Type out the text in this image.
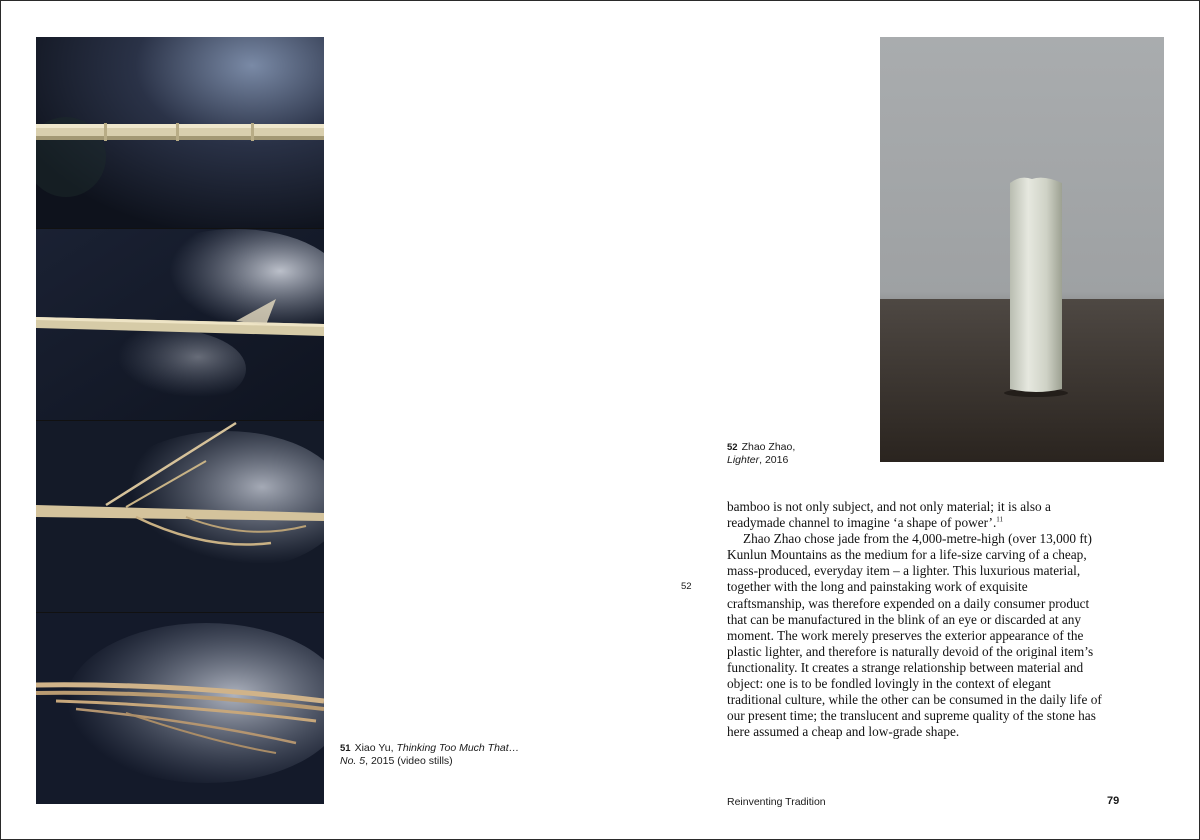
51 Xiao Yu, Thinking Too Much That… No. 5, 2015 (video stills)
52 Zhao Zhao,
Lighter, 2016
52

bamboo is not only subject, and not only material; it is also a readymade channel to imagine ‘a shape of power’.$^{11}$

Zhao Zhao chose jade from the 4,000-metre-high (over 13,000 ft) Kunlun Mountains as the medium for a life-size carving of a cheap, mass-produced, everyday item – a lighter. This luxurious material, together with the long and painstaking work of exquisite craftsmanship, was therefore expended on a daily consumer product that can be manufactured in the blink of an eye or discarded at any moment. The work merely preserves the exterior appearance of the plastic lighter, and therefore is naturally devoid of the original item’s functionality. It creates a strange relationship between material and object: one is to be fondled lovingly in the context of elegant traditional culture, while the other can be consumed in the daily life of our present time; the translucent and supreme quality of the stone has here assumed a cheap and low-grade shape.

Reinventing Tradition	79
